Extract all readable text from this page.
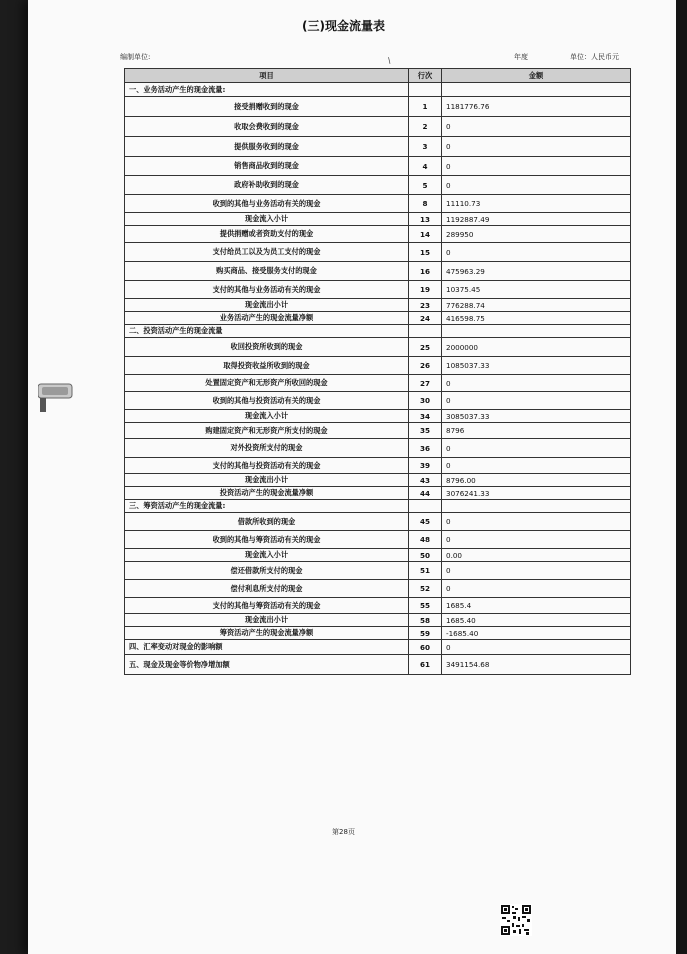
(三)现金流量表
编制单位:	/	年度	单位：人民币元
项目	行次	金额
一、业务活动产生的现金流量:		
接受捐赠收到的现金	1	1181776.76
收取会费收到的现金	2	0
提供服务收到的现金	3	0
销售商品收到的现金	4	0
政府补助收到的现金	5	0
收到的其他与业务活动有关的现金	8	11110.73
现金流入小计	13	1192887.49
提供捐赠或者资助支付的现金	14	289950
支付给员工以及为员工支付的现金	15	0
购买商品、接受服务支付的现金	16	475963.29
支付的其他与业务活动有关的现金	19	10375.45
现金流出小计	23	776288.74
业务活动产生的现金流量净额	24	416598.75
二、投资活动产生的现金流量		
收回投资所收到的现金	25	2000000
取得投资收益所收到的现金	26	1085037.33
处置固定资产和无形资产所收回的现金	27	0
收到的其他与投资活动有关的现金	30	0
现金流入小计	34	3085037.33
购建固定资产和无形资产所支付的现金	35	8796
对外投资所支付的现金	36	0
支付的其他与投资活动有关的现金	39	0
现金流出小计	43	8796.00
投资活动产生的现金流量净额	44	3076241.33
三、筹资活动产生的现金流量:		
借款所收到的现金	45	0
收到的其他与筹资活动有关的现金	48	0
现金流入小计	50	0.00
偿还借款所支付的现金	51	0
偿付利息所支付的现金	52	0
支付的其他与筹资活动有关的现金	55	1685.4
现金流出小计	58	1685.40
筹资活动产生的现金流量净额	59	-1685.40
四、汇率变动对现金的影响额	60	0
五、现金及现金等价物净增加额	61	3491154.68
第28页
